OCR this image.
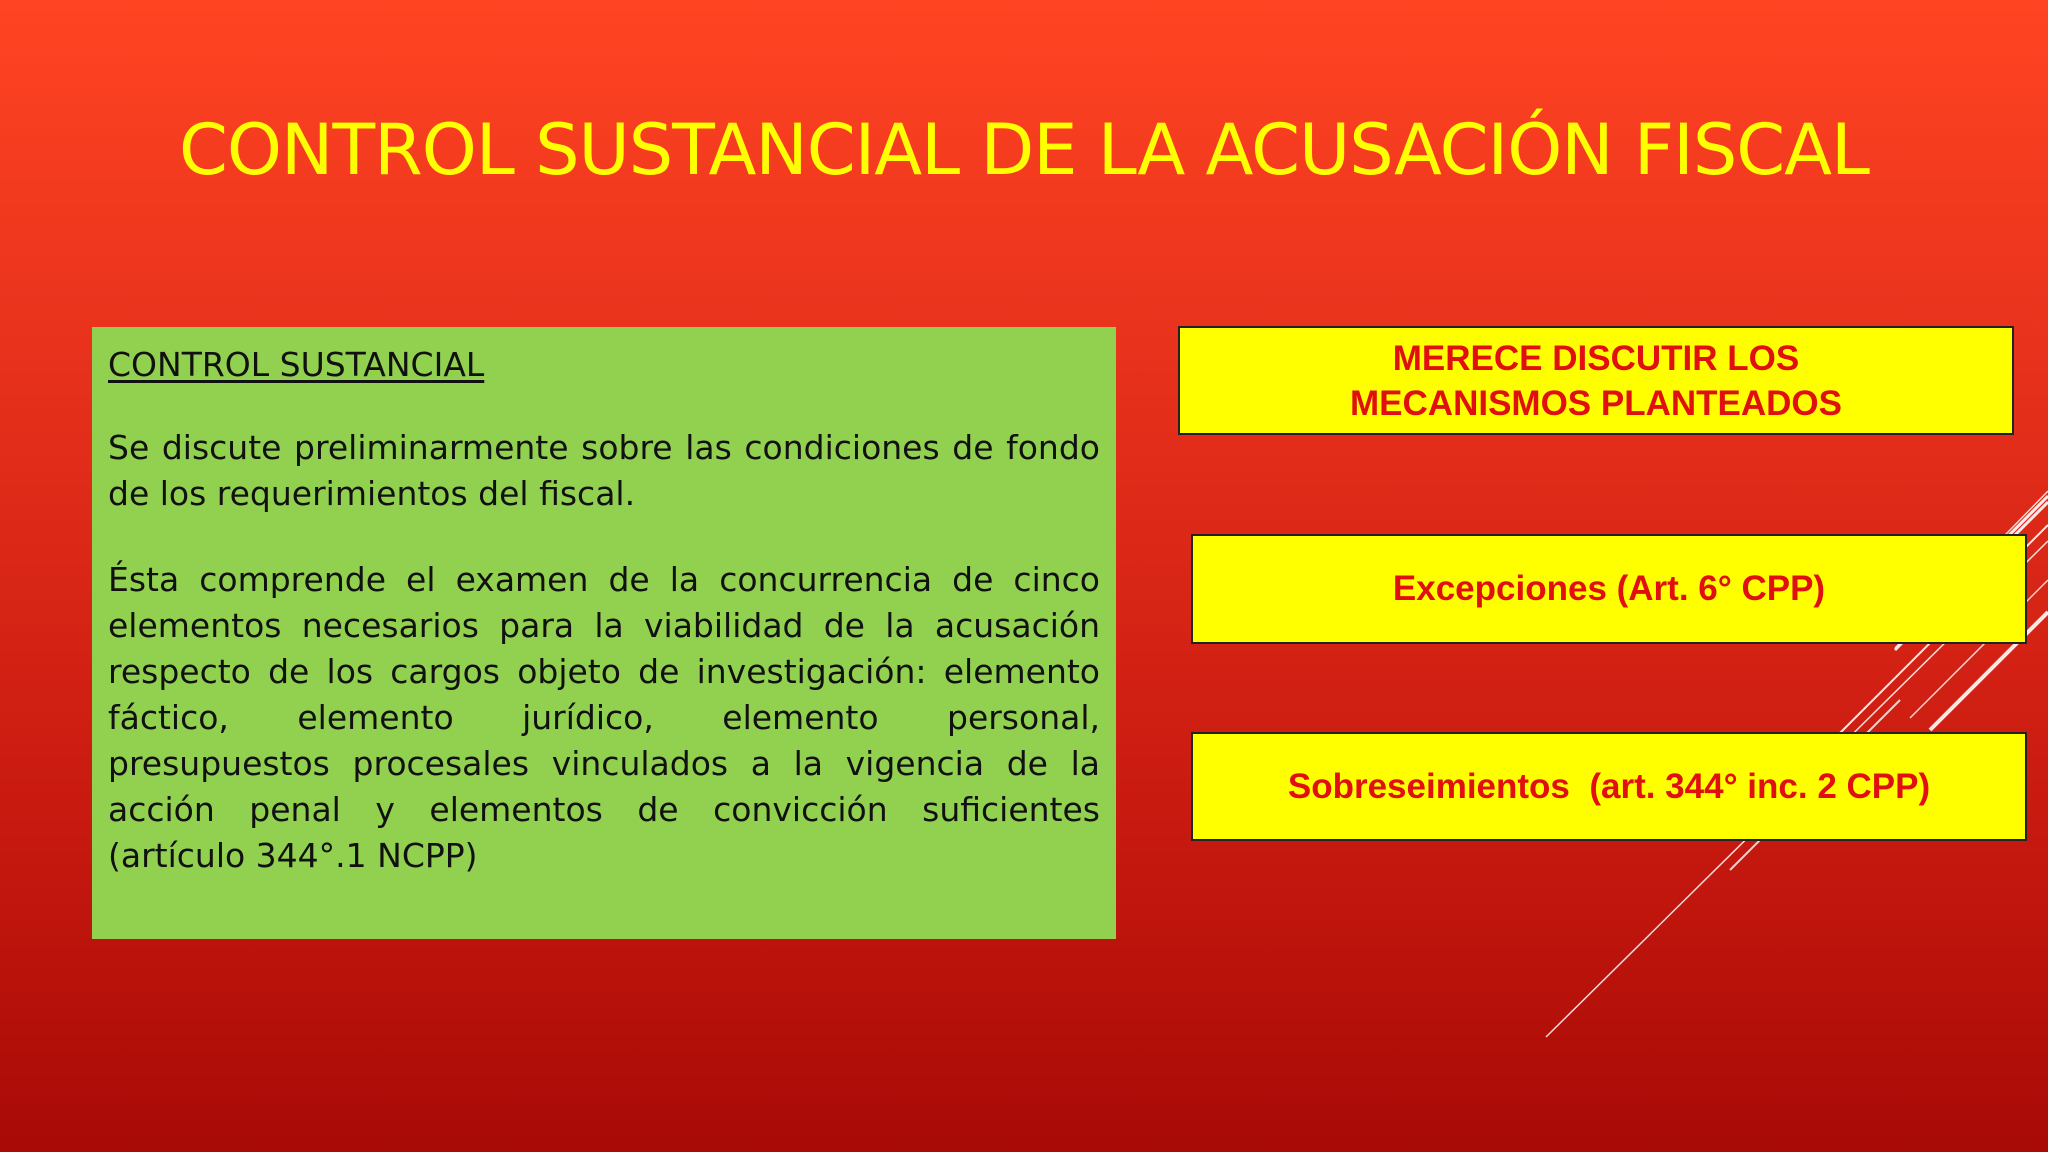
CONTROL SUSTANCIAL DE LA ACUSACIÓN FISCAL
CONTROL SUSTANCIAL

Se discute preliminarmente sobre las condiciones de fondo de los requerimientos del fiscal.

Ésta comprende el examen de la concurrencia de cinco elementos necesarios para la viabilidad de la acusación respecto de los cargos objeto de investigación: elemento fáctico, elemento jurídico, elemento personal, presupuestos procesales vinculados a la vigencia de la acción penal y elementos de convicción suficientes (artículo 344°.1 NCPP)

MERECE DISCUTIR LOS MECANISMOS PLANTEADOS
Excepciones (Art. 6° CPP)
Sobreseimientos  (art. 344° inc. 2 CPP)
